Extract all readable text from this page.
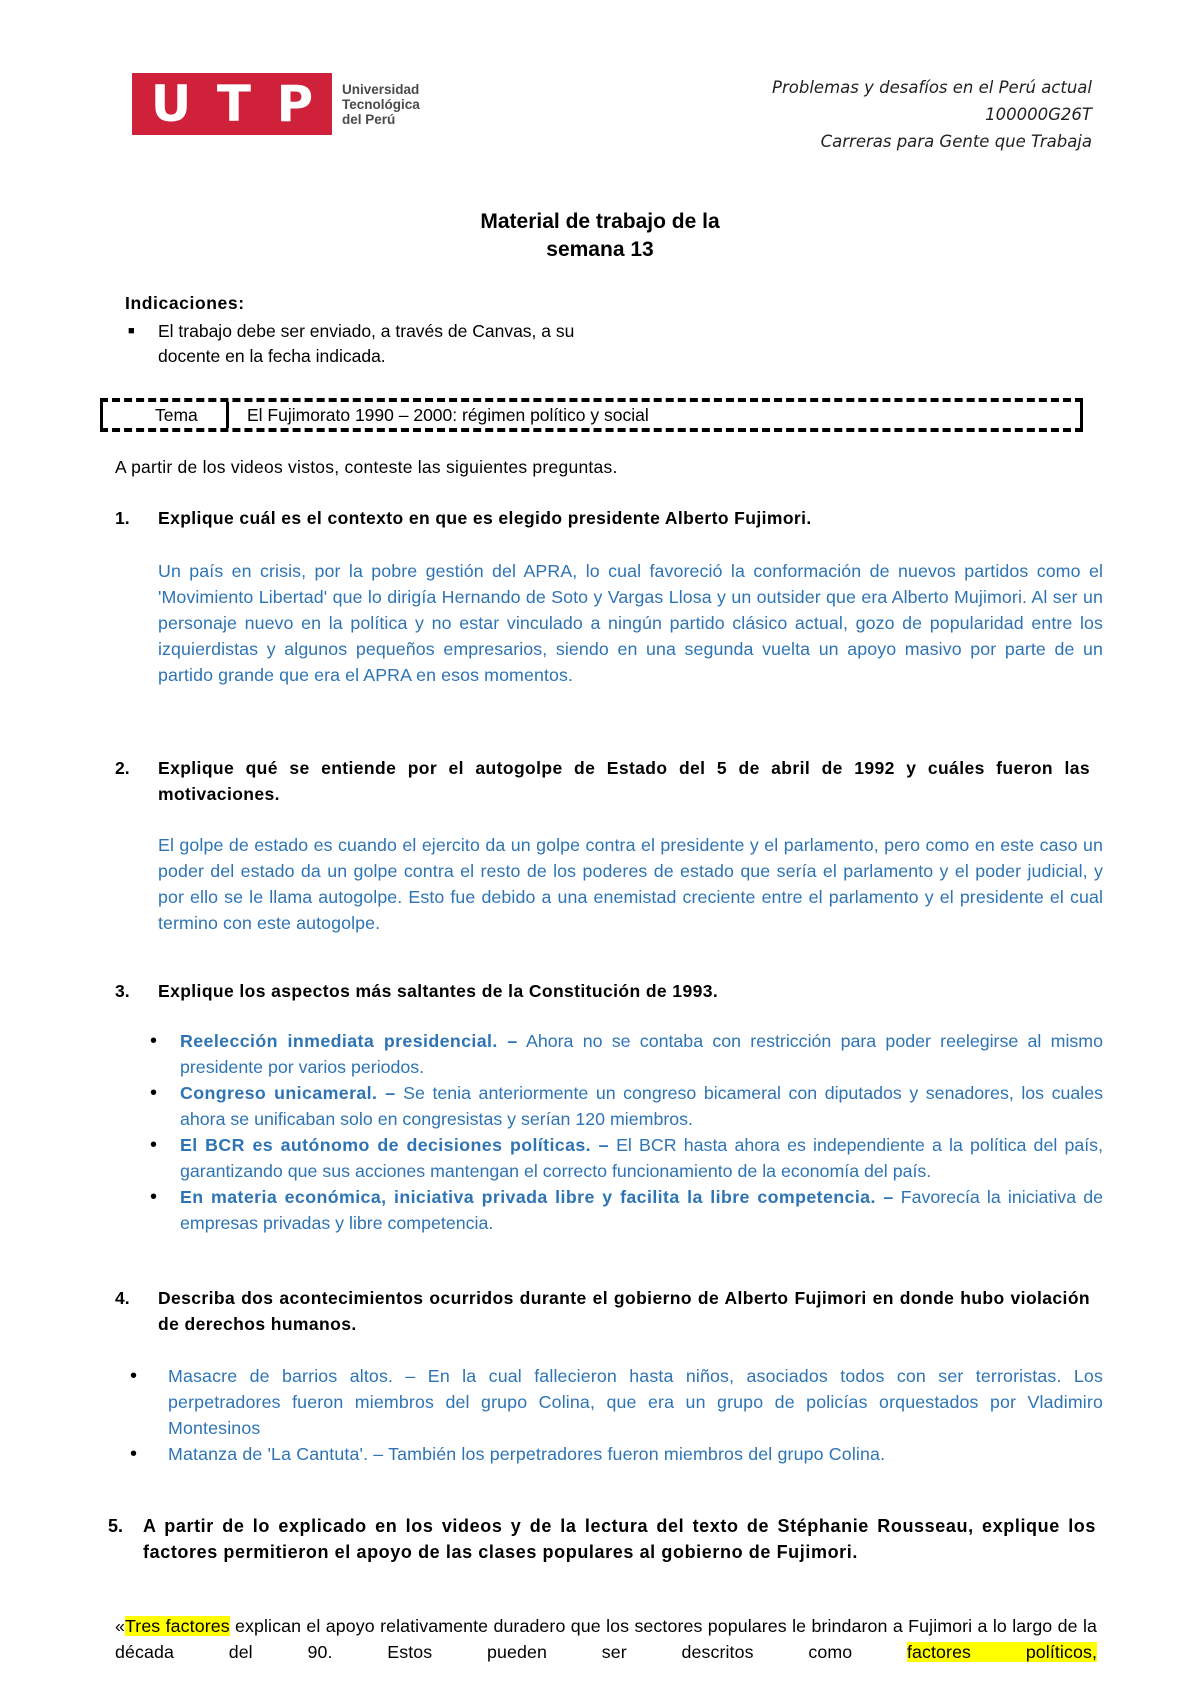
U T P Universidad
Tecnológica
del Perú
Problemas y desafíos en el Perú actual
100000G26T
Carreras para Gente que Trabaja
Material de trabajo de la
semana 13
Indicaciones:
■	El trabajo debe ser enviado, a través de Canvas, a su
docente en la fecha indicada.
Tema	El Fujimorato 1990 – 2000: régimen político y social
A partir de los videos vistos, conteste las siguientes preguntas.
1.	Explique cuál es el contexto en que es elegido presidente Alberto Fujimori.
Un país en crisis, por la pobre gestión del APRA, lo cual favoreció la conformación de nuevos partidos como el 'Movimiento Libertad' que lo dirigía Hernando de Soto y Vargas Llosa y un outsider que era Alberto Mujimori. Al ser un personaje nuevo en la política y no estar vinculado a ningún partido clásico actual, gozo de popularidad entre los izquierdistas y algunos pequeños empresarios, siendo en una segunda vuelta un apoyo masivo por parte de un partido grande que era el APRA en esos momentos.
2.	Explique qué se entiende por el autogolpe de Estado del 5 de abril de 1992 y cuáles fueron las motivaciones.
El golpe de estado es cuando el ejercito da un golpe contra el presidente y el parlamento, pero como en este caso un poder del estado da un golpe contra el resto de los poderes de estado que sería el parlamento y el poder judicial, y por ello se le llama autogolpe. Esto fue debido a una enemistad creciente entre el parlamento y el presidente el cual termino con este autogolpe.
3.	Explique los aspectos más saltantes de la Constitución de 1993.
•	Reelección inmediata presidencial. – Ahora no se contaba con restricción para poder reelegirse al mismo presidente por varios periodos.
•	Congreso unicameral. – Se tenia anteriormente un congreso bicameral con diputados y senadores, los cuales ahora se unificaban solo en congresistas y serían 120 miembros.
•	El BCR es autónomo de decisiones políticas. – El BCR hasta ahora es independiente a la política del país, garantizando que sus acciones mantengan el correcto funcionamiento de la economía del país.
•	En materia económica, iniciativa privada libre y facilita la libre competencia. – Favorecía la iniciativa de empresas privadas y libre competencia.
4.	Describa dos acontecimientos ocurridos durante el gobierno de Alberto Fujimori en donde hubo violación de derechos humanos.
•	Masacre de barrios altos. – En la cual fallecieron hasta niños, asociados todos con ser terroristas. Los perpetradores fueron miembros del grupo Colina, que era un grupo de policías orquestados por Vladimiro Montesinos
•	Matanza de 'La Cantuta'. – También los perpetradores fueron miembros del grupo Colina.
5.	A partir de lo explicado en los videos y de la lectura del texto de Stéphanie Rousseau, explique los factores permitieron el apoyo de las clases populares al gobierno de Fujimori.
«Tres factores explican el apoyo relativamente duradero que los sectores populares le brindaron a Fujimori a lo largo de la década del 90. Estos pueden ser descritos como factores políticos,
